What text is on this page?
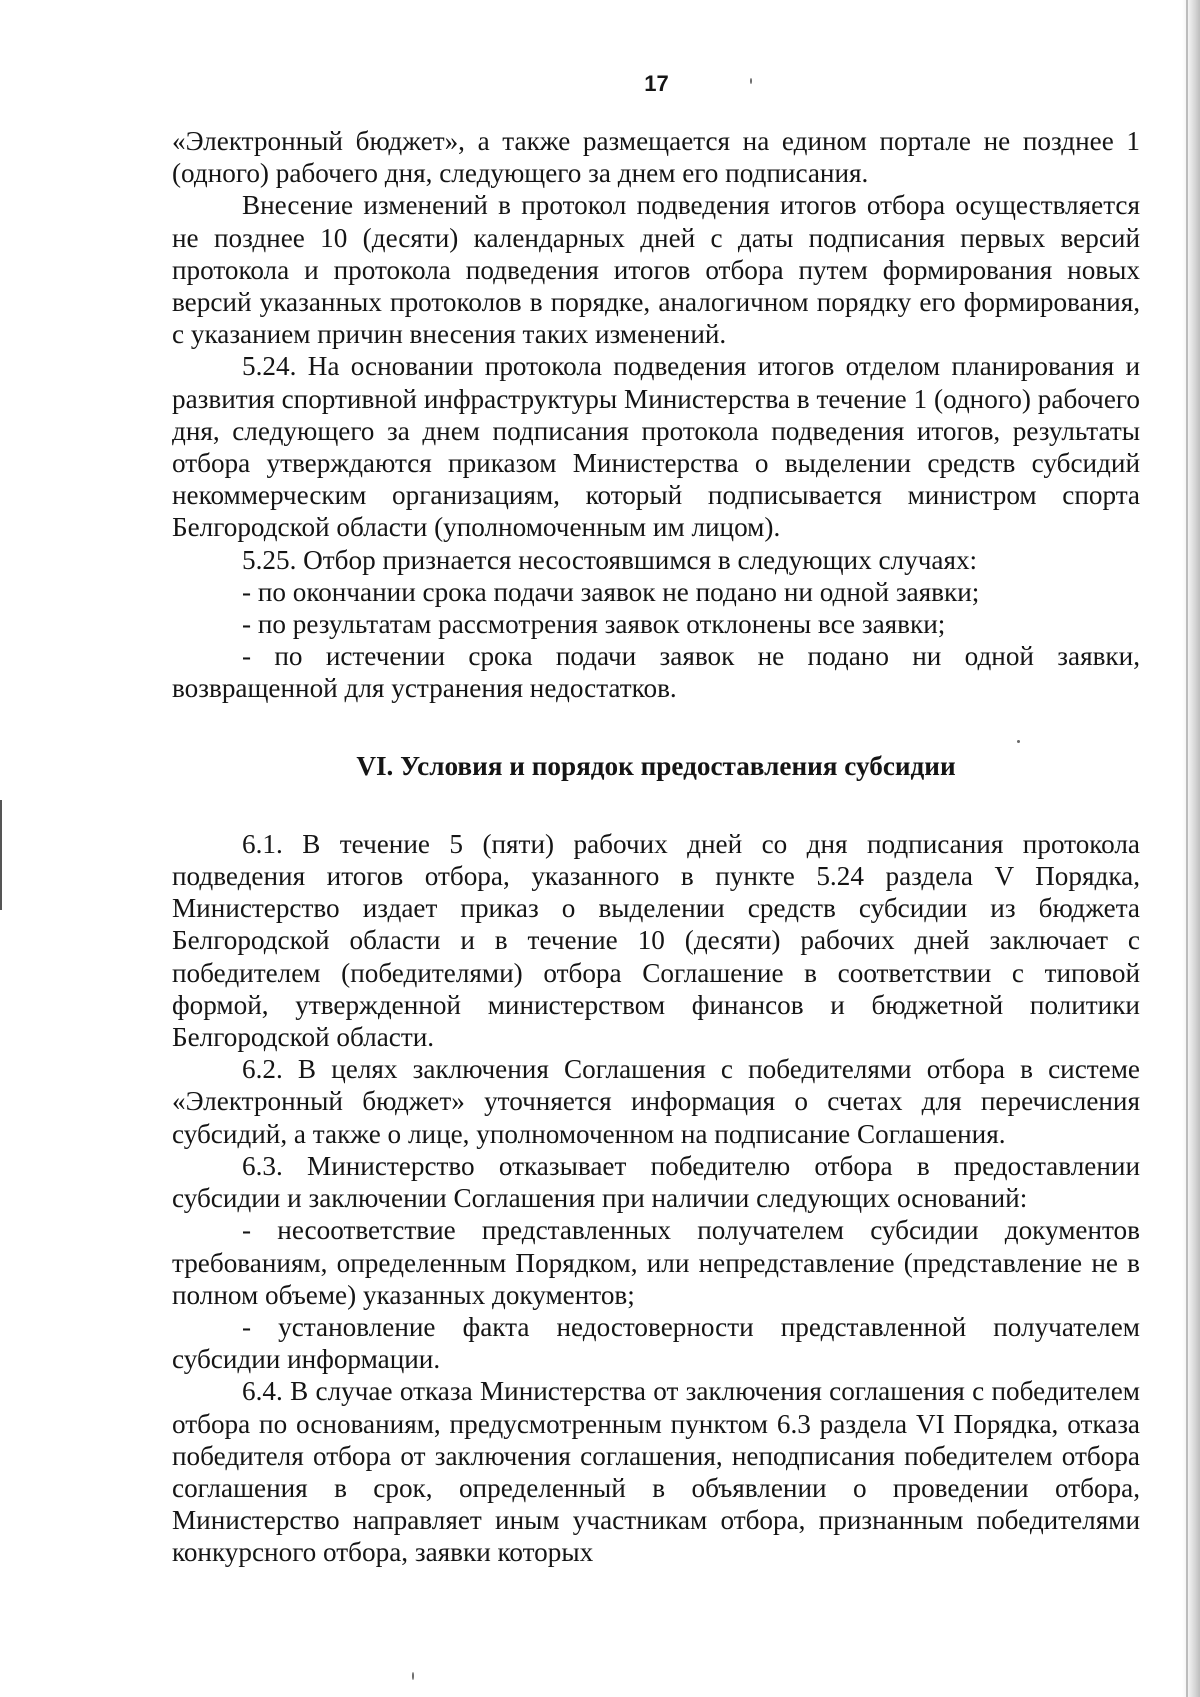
17

«Электронный бюджет», а также размещается на едином портале не позднее 1 (одного) рабочего дня, следующего за днем его подписания.

Внесение изменений в протокол подведения итогов отбора осуществляется не позднее 10 (десяти) календарных дней с даты подписания первых версий протокола и протокола подведения итогов отбора путем формирования новых версий указанных протоколов в порядке, аналогичном порядку его формирования, с указанием причин внесения таких изменений.

5.24. На основании протокола подведения итогов отделом планирования и развития спортивной инфраструктуры Министерства в течение 1 (одного) рабочего дня, следующего за днем подписания протокола подведения итогов, результаты отбора утверждаются приказом Министерства о выделении средств субсидий некоммерческим организациям, который подписывается министром спорта Белгородской области (уполномоченным им лицом).

5.25. Отбор признается несостоявшимся в следующих случаях:

- по окончании срока подачи заявок не подано ни одной заявки;

- по результатам рассмотрения заявок отклонены все заявки;

- по истечении срока подачи заявок не подано ни одной заявки, возвращенной для устранения недостатков.

VI. Условия и порядок предоставления субсидии

6.1. В течение 5 (пяти) рабочих дней со дня подписания протокола подведения итогов отбора, указанного в пункте 5.24 раздела V Порядка, Министерство издает приказ о выделении средств субсидии из бюджета Белгородской области и в течение 10 (десяти) рабочих дней заключает с победителем (победителями) отбора Соглашение в соответствии с типовой формой, утвержденной министерством финансов и бюджетной политики Белгородской области.

6.2. В целях заключения Соглашения с победителями отбора в системе «Электронный бюджет» уточняется информация о счетах для перечисления субсидий, а также о лице, уполномоченном на подписание Соглашения.

6.3. Министерство отказывает победителю отбора в предоставлении субсидии и заключении Соглашения при наличии следующих оснований:

- несоответствие представленных получателем субсидии документов требованиям, определенным Порядком, или непредставление (представление не в полном объеме) указанных документов;

- установление факта недостоверности представленной получателем субсидии информации.

6.4. В случае отказа Министерства от заключения соглашения с победителем отбора по основаниям, предусмотренным пунктом 6.3 раздела VI Порядка, отказа победителя отбора от заключения соглашения, неподписания победителем отбора соглашения в срок, определенный в объявлении о проведении отбора, Министерство направляет иным участникам отбора, признанным победителями конкурсного отбора, заявки которых
